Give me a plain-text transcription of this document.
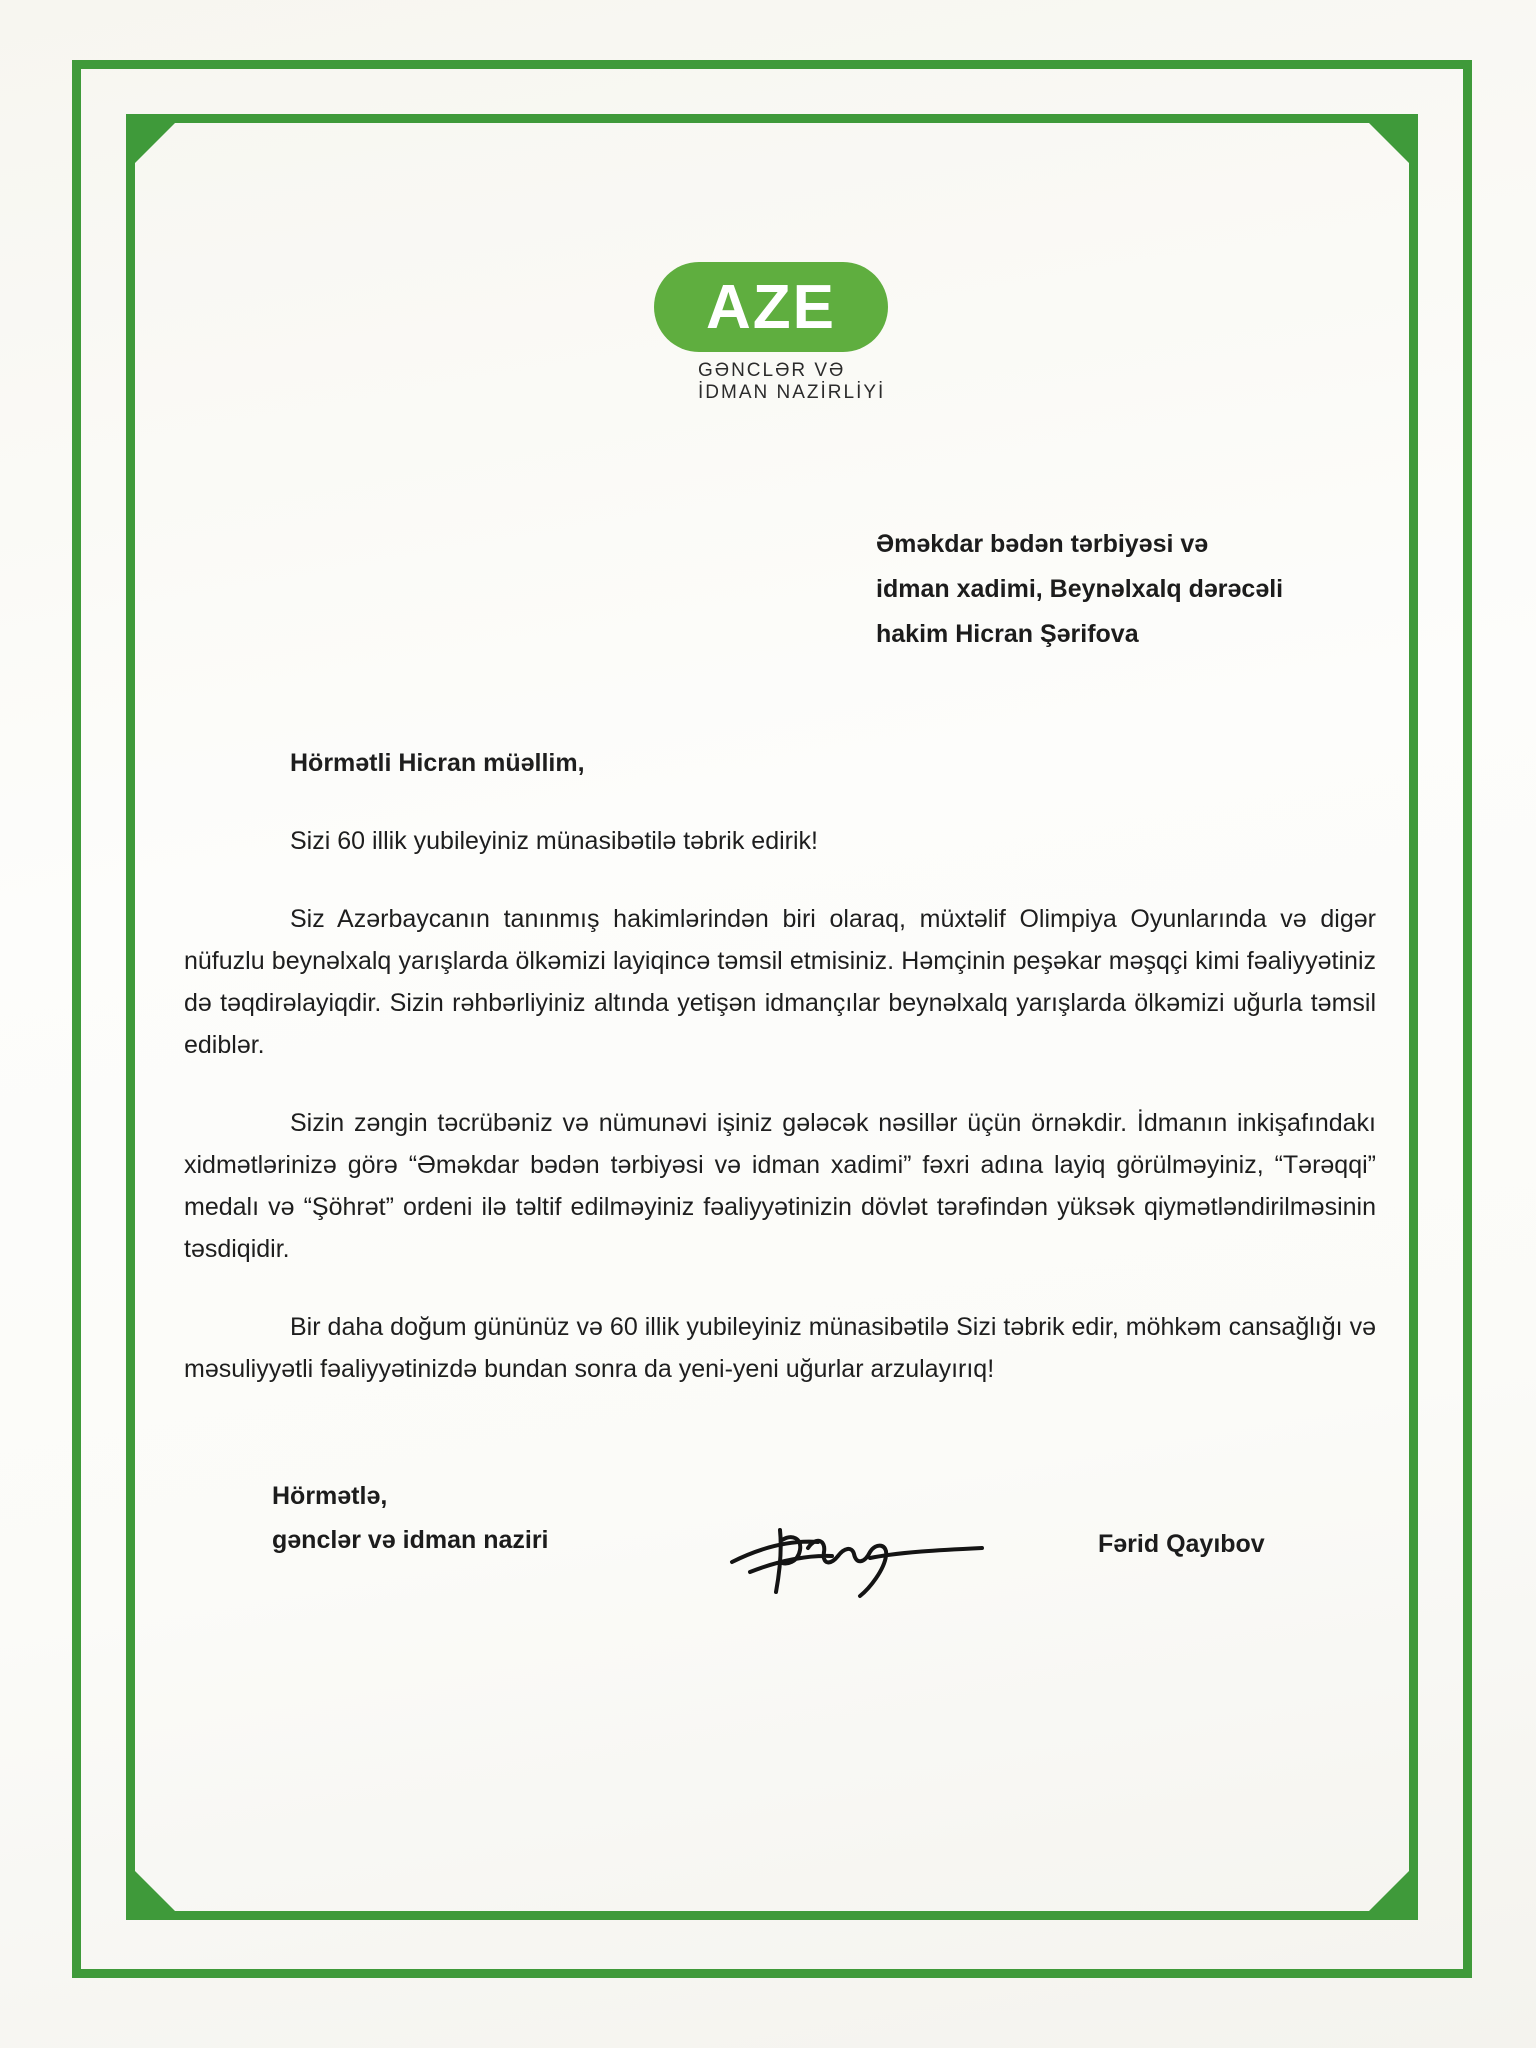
AZE
GƏNCLƏR VƏ
İDMAN NAZİRLİYİ
Əməkdar bədən tərbiyəsi və
idman xadimi, Beynəlxalq dərəcəli
hakim Hicran Şərifova
Hörmətli Hicran müəllim,

Sizi 60 illik yubileyiniz münasibətilə təbrik edirik!

Siz Azərbaycanın tanınmış hakimlərindən biri olaraq, müxtəlif Olimpiya Oyunlarında və digər nüfuzlu beynəlxalq yarışlarda ölkəmizi layiqincə təmsil etmisiniz. Həmçinin peşəkar məşqçi kimi fəaliyyətiniz də təqdirəlayiqdir. Sizin rəhbərliyiniz altında yetişən idmançılar beynəlxalq yarışlarda ölkəmizi uğurla təmsil ediblər.

Sizin zəngin təcrübəniz və nümunəvi işiniz gələcək nəsillər üçün örnəkdir. İdmanın inkişafındakı xidmətlərinizə görə “Əməkdar bədən tərbiyəsi və idman xadimi” fəxri adına layiq görülməyiniz, “Tərəqqi” medalı və “Şöhrət” ordeni ilə təltif edilməyiniz fəaliyyətinizin dövlət tərəfindən yüksək qiymətləndirilməsinin təsdiqidir.

Bir daha doğum gününüz və 60 illik yubileyiniz münasibətilə Sizi təbrik edir, möhkəm cansağlığı və məsuliyyətli fəaliyyətinizdə bundan sonra da yeni-yeni uğurlar arzulayırıq!

Hörmətlə,
gənclər və idman naziri	Fərid Qayıbov
